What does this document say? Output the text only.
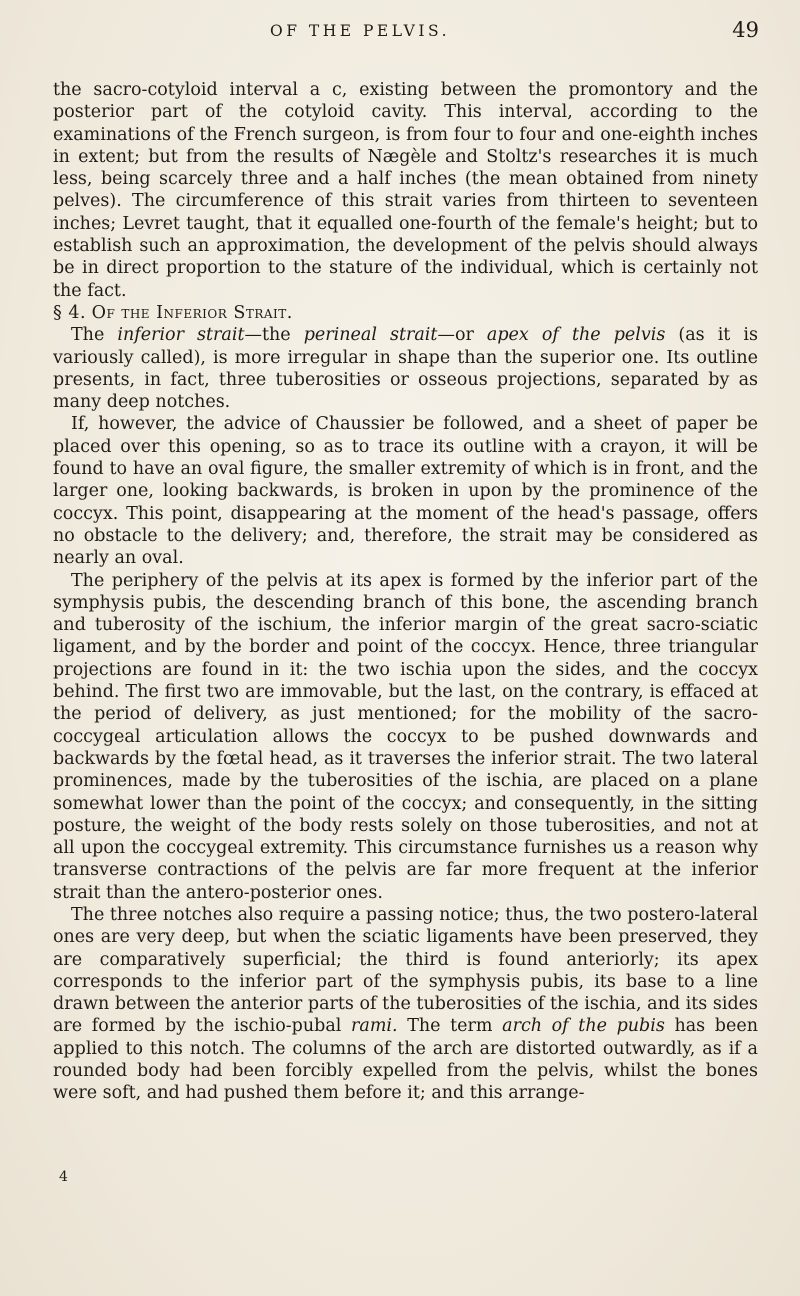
OF THE PELVIS.	49

the sacro-cotyloid interval a c, existing between the promontory and the posterior part of the cotyloid cavity. This interval, according to the examinations of the French surgeon, is from four to four and one-eighth inches in extent; but from the results of Nægèle and Stoltz's researches it is much less, being scarcely three and a half inches (the mean obtained from ninety pelves). The circumference of this strait varies from thirteen to seventeen inches; Levret taught, that it equalled one-fourth of the female's height; but to establish such an approximation, the development of the pelvis should always be in direct proportion to the stature of the individual, which is certainly not the fact.

§ 4. Of the Inferior Strait.

The inferior strait—the perineal strait—or apex of the pelvis (as it is variously called), is more irregular in shape than the superior one. Its outline presents, in fact, three tuberosities or osseous projections, separated by as many deep notches.

If, however, the advice of Chaussier be followed, and a sheet of paper be placed over this opening, so as to trace its outline with a crayon, it will be found to have an oval figure, the smaller extremity of which is in front, and the larger one, looking backwards, is broken in upon by the prominence of the coccyx. This point, disappearing at the moment of the head's passage, offers no obstacle to the delivery; and, therefore, the strait may be considered as nearly an oval.

The periphery of the pelvis at its apex is formed by the inferior part of the symphysis pubis, the descending branch of this bone, the ascending branch and tuberosity of the ischium, the inferior margin of the great sacro-sciatic ligament, and by the border and point of the coccyx. Hence, three triangular projections are found in it: the two ischia upon the sides, and the coccyx behind. The first two are immovable, but the last, on the contrary, is effaced at the period of delivery, as just mentioned; for the mobility of the sacro-coccygeal articulation allows the coccyx to be pushed downwards and backwards by the fœtal head, as it traverses the inferior strait. The two lateral prominences, made by the tuberosities of the ischia, are placed on a plane somewhat lower than the point of the coccyx; and consequently, in the sitting posture, the weight of the body rests solely on those tuberosities, and not at all upon the coccygeal extremity. This circumstance furnishes us a reason why transverse contractions of the pelvis are far more frequent at the inferior strait than the antero-posterior ones.

The three notches also require a passing notice; thus, the two postero-lateral ones are very deep, but when the sciatic ligaments have been preserved, they are comparatively superficial; the third is found anteriorly; its apex corresponds to the inferior part of the symphysis pubis, its base to a line drawn between the anterior parts of the tuberosities of the ischia, and its sides are formed by the ischio-pubal rami. The term arch of the pubis has been applied to this notch. The columns of the arch are distorted outwardly, as if a rounded body had been forcibly expelled from the pelvis, whilst the bones were soft, and had pushed them before it; and this arrange-

4
